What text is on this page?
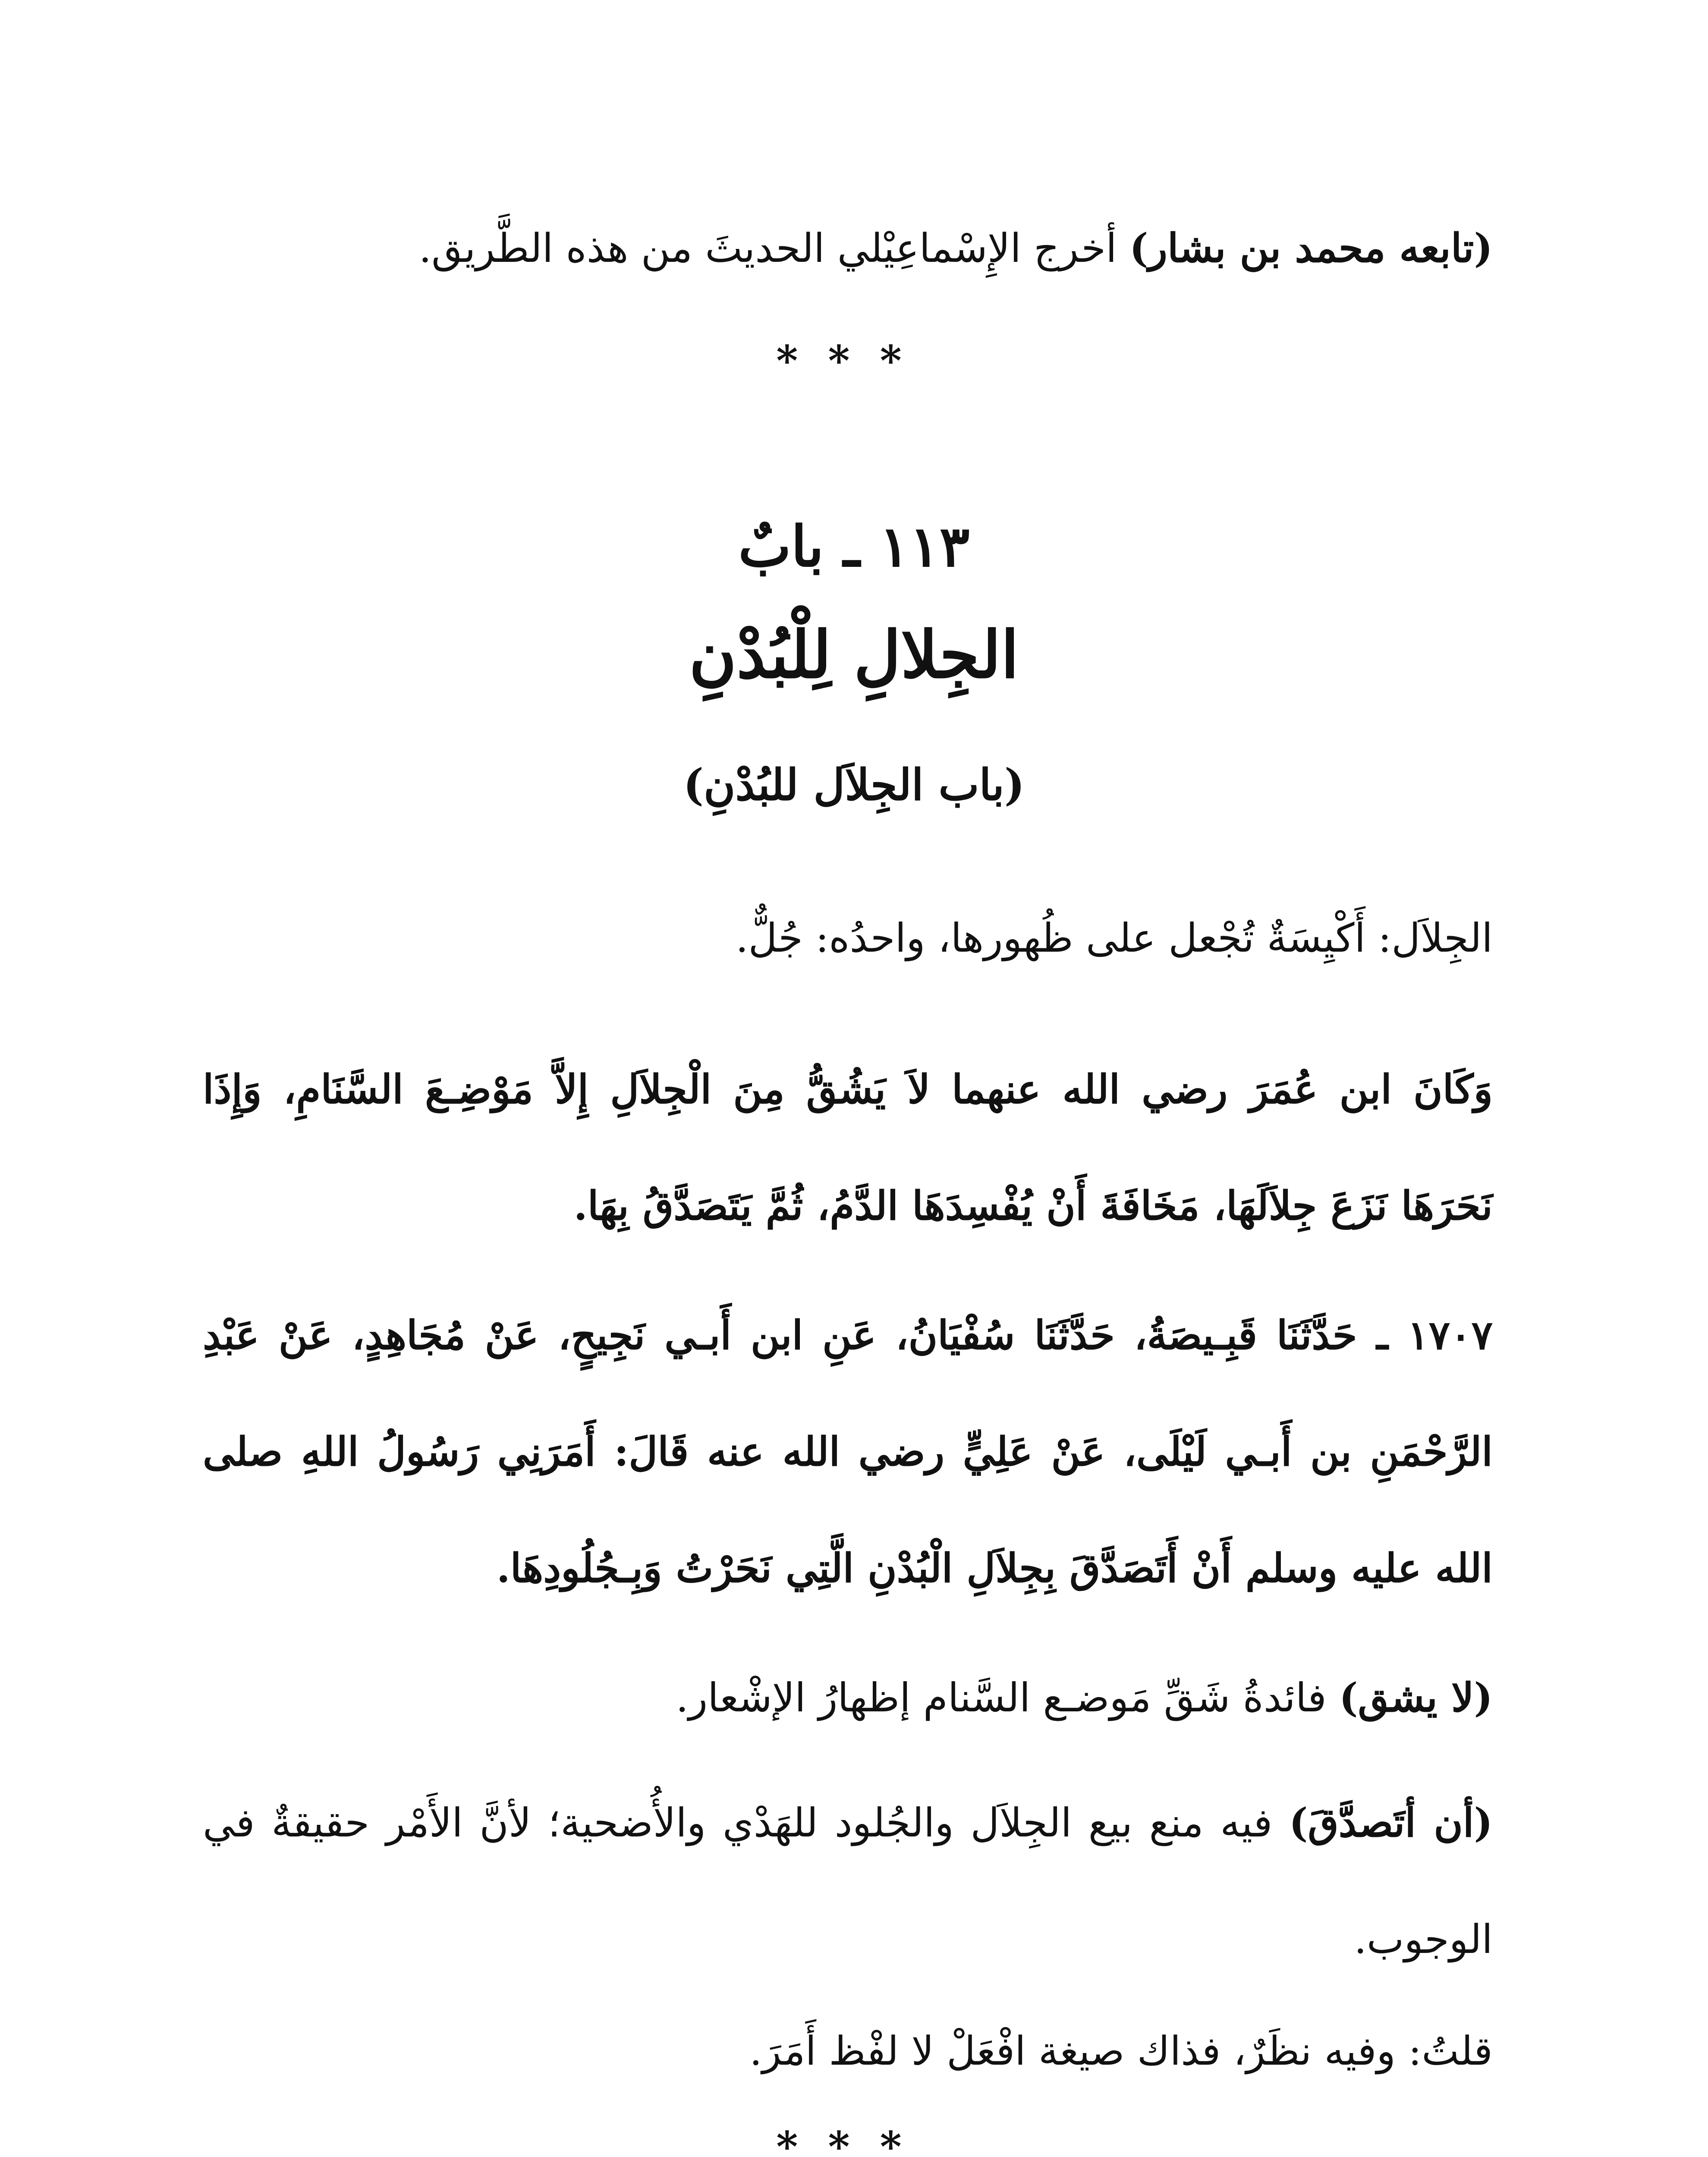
(تابعه محمد بن بشار) أخرج الإِسْماعِيْلي الحديثَ من هذه الطَّريق.
***
١١٣ ـ بابٌ
الجِلالِ لِلْبُدْنِ
(باب الجِلاَل للبُدْنِ)
الجِلاَل: أَكْيِسَةٌ تُجْعل على ظُهورها، واحدُه: جُلٌّ.
وَكَانَ ابن عُمَرَ رضي الله عنهما لاَ يَشُقُّ مِنَ الْجِلاَلِ إِلاَّ مَوْضِـعَ السَّنَامِ، وَإِذَا نَحَرَهَا نَزَعَ جِلاَلَهَا، مَخَافَةَ أَنْ يُفْسِدَهَا الدَّمُ، ثُمَّ يَتَصَدَّقُ بِهَا.
١٧٠٧ ـ حَدَّثَنَا قَبِـيصَةُ، حَدَّثَنَا سُفْيَانُ، عَنِ ابن أَبـي نَجِيحٍ، عَنْ مُجَاهِدٍ، عَنْ عَبْدِ الرَّحْمَنِ بن أَبـي لَيْلَى، عَنْ عَلِيٍّ رضي الله عنه قَالَ: أَمَرَنِي رَسُولُ اللهِ صلى الله عليه وسلم أَنْ أَتَصَدَّقَ بِجِلاَلِ الْبُدْنِ الَّتِي نَحَرْتُ وَبِـجُلُودِهَا.
(لا يشق) فائدةُ شَقِّ مَوضـع السَّنام إظهارُ الإشْعار.
(أن أتَصدَّقَ) فيه منع بيع الجِلاَل والجُلود للهَدْي والأُضحية؛ لأنَّ الأَمْر حقيقةٌ في الوجوب.
قلتُ: وفيه نظَرٌ، فذاك صيغة افْعَلْ لا لفْظ أَمَرَ.
***
